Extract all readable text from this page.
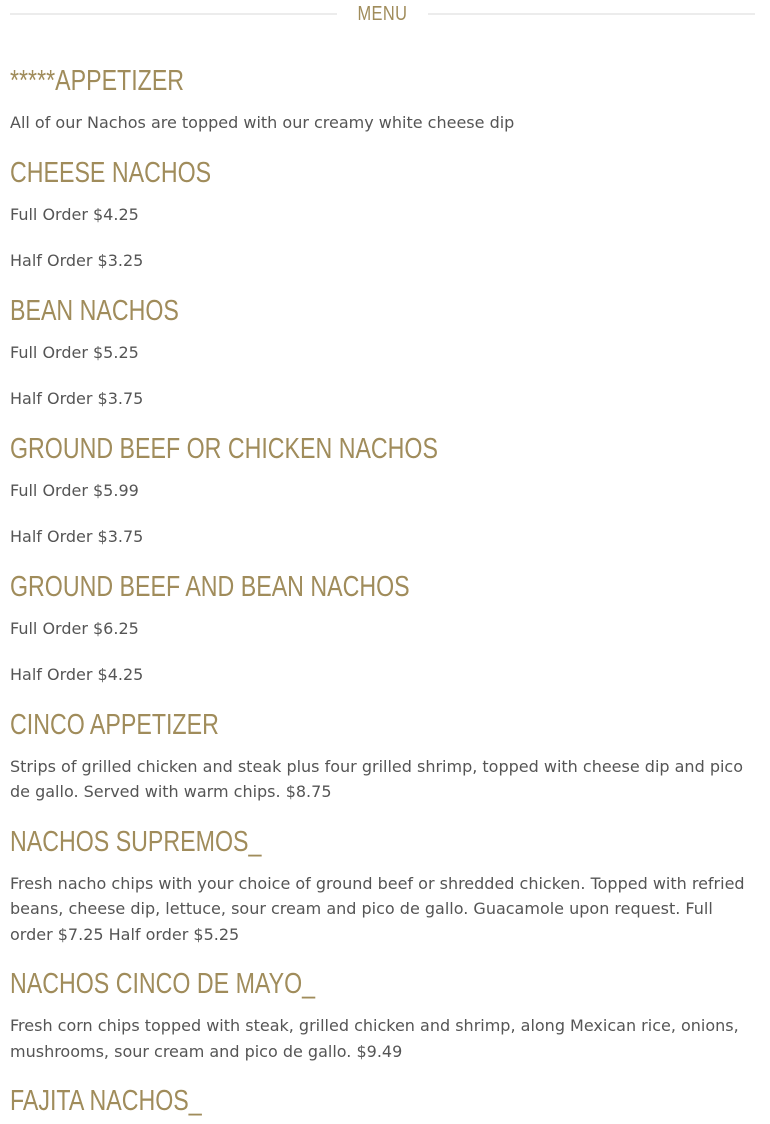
MENU
*****APPETIZER

All of our Nachos are topped with our creamy white cheese dip

CHEESE NACHOS

Full Order $4.25

Half Order $3.25

BEAN NACHOS

Full Order $5.25

Half Order $3.75

GROUND BEEF OR CHICKEN NACHOS

Full Order $5.99

Half Order $3.75

GROUND BEEF AND BEAN NACHOS

Full Order $6.25

Half Order $4.25

CINCO APPETIZER

Strips of grilled chicken and steak plus four grilled shrimp, topped with cheese dip and pico de gallo. Served with warm chips. $8.75

NACHOS SUPREMOS_

Fresh nacho chips with your choice of ground beef or shredded chicken. Topped with refried beans, cheese dip, lettuce, sour cream and pico de gallo. Guacamole upon request. Full order $7.25 Half order $5.25

NACHOS CINCO DE MAYO_

Fresh corn chips topped with steak, grilled chicken and shrimp, along Mexican rice, onions, mushrooms, sour cream and pico de gallo. $9.49

FAJITA NACHOS_
